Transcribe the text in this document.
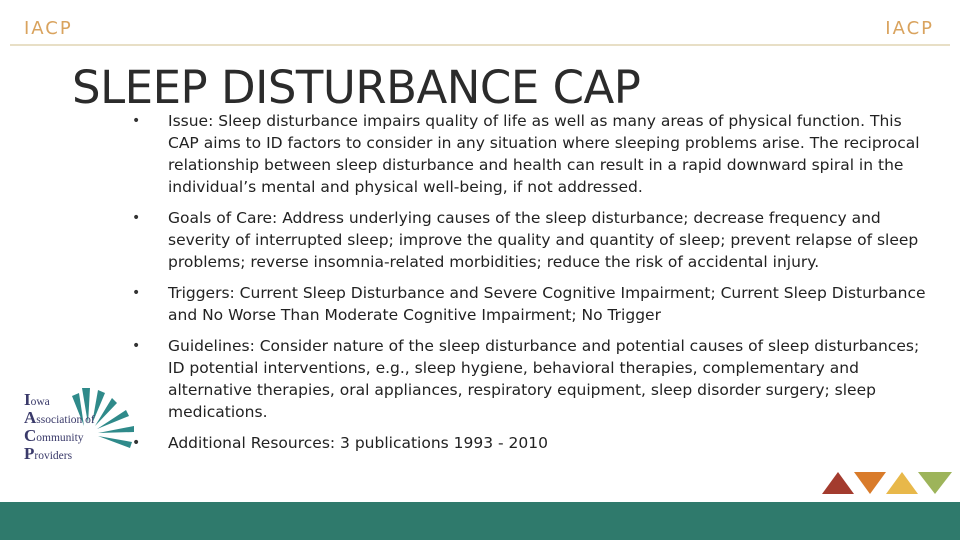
IACP	IACP
SLEEP DISTURBANCE CAP
• Issue: Sleep disturbance impairs quality of life as well as many areas of physical function. This CAP aims to ID factors to consider in any situation where sleeping problems arise. The reciprocal relationship between sleep disturbance and health can result in a rapid downward spiral in the individual’s mental and physical well-being, if not addressed.
• Goals of Care: Address underlying causes of the sleep disturbance; decrease frequency and severity of interrupted sleep; improve the quality and quantity of sleep; prevent relapse of sleep problems; reverse insomnia-related morbidities; reduce the risk of accidental injury.
• Triggers: Current Sleep Disturbance and Severe Cognitive Impairment; Current Sleep Disturbance and No Worse Than Moderate Cognitive Impairment; No Trigger
• Guidelines: Consider nature of the sleep disturbance and potential causes of sleep disturbances; ID potential interventions, e.g., sleep hygiene, behavioral therapies, complementary and alternative therapies, oral appliances, respiratory equipment, sleep disorder surgery; sleep medications.
• Additional Resources: 3 publications 1993 - 2010
Iowa
Association of
Community
Providers
